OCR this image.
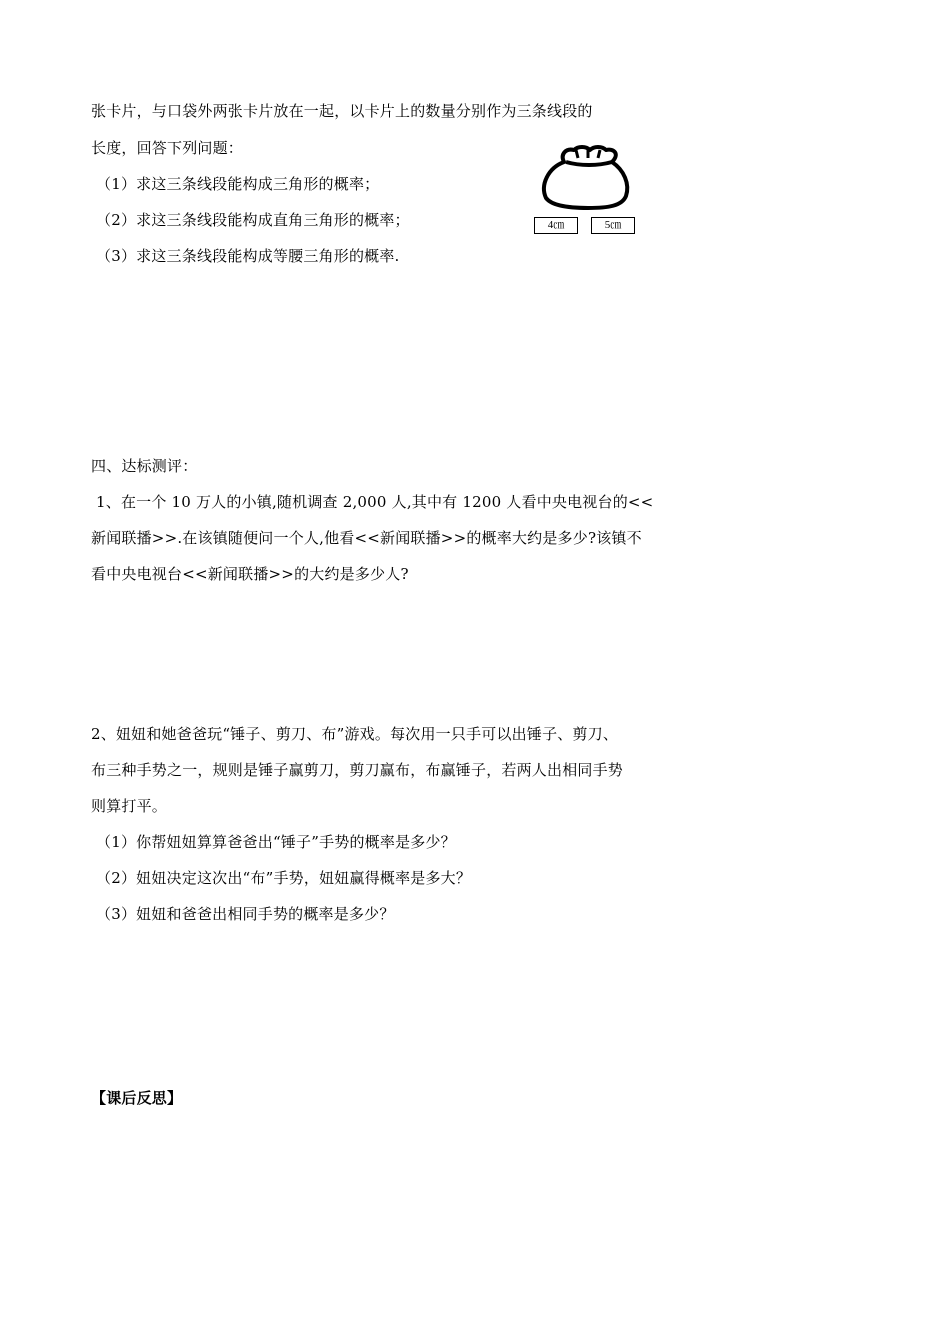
张卡片，与口袋外两张卡片放在一起，以卡片上的数量分别作为三条线段的
长度，回答下列问题：
（1）求这三条线段能构成三角形的概率；
（2）求这三条线段能构成直角三角形的概率；
（3）求这三条线段能构成等腰三角形的概率.
4㎝	5㎝
四、达标测评：
1、在一个 10 万人的小镇,随机调查 2,000 人,其中有 1200 人看中央电视台的<<
新闻联播>>.在该镇随便问一个人,他看<<新闻联播>>的概率大约是多少?该镇不
看中央电视台<<新闻联播>>的大约是多少人?
2、妞妞和她爸爸玩“锤子、剪刀、布”游戏。每次用一只手可以出锤子、剪刀、
布三种手势之一，规则是锤子赢剪刀，剪刀赢布，布赢锤子，若两人出相同手势
则算打平。
（1）你帮妞妞算算爸爸出“锤子”手势的概率是多少？
（2）妞妞决定这次出“布”手势，妞妞赢得概率是多大？
（3）妞妞和爸爸出相同手势的概率是多少？
【课后反思】
